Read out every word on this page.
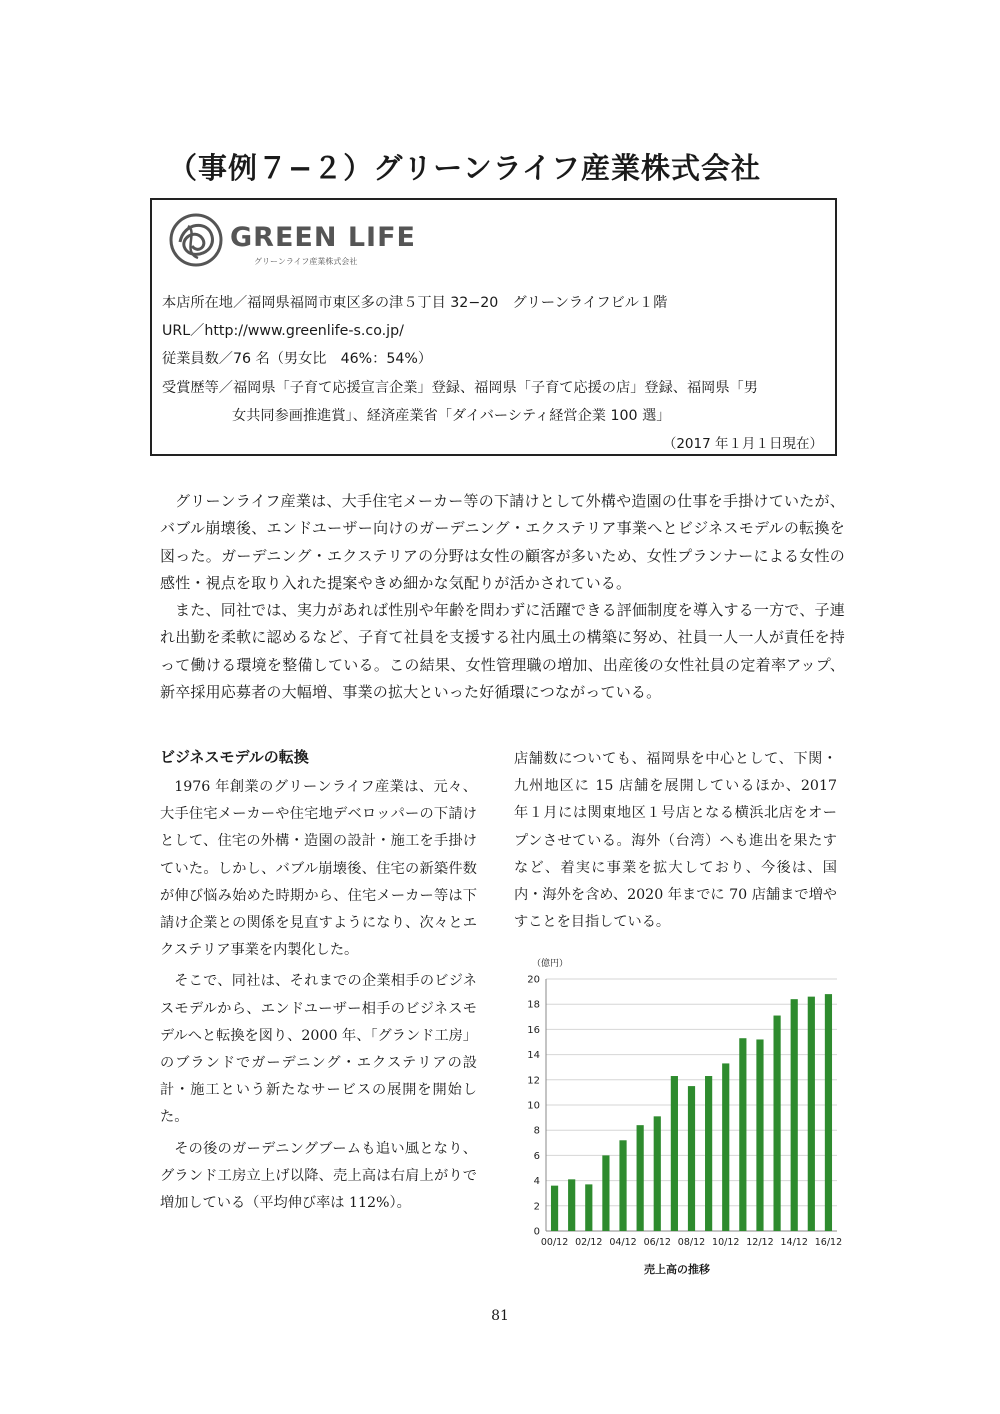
（事例７−２）グリーンライフ産業株式会社
GREEN LIFE
グリーンライフ産業株式会社
本店所在地／福岡県福岡市東区多の津５丁目 32−20　グリーンライフビル１階
URL／http://www.greenlife-s.co.jp/
従業員数／76 名（男女比　46%：54%）
受賞歴等／福岡県「子育て応援宣言企業」登録、福岡県「子育て応援の店」登録、福岡県「男
女共同参画推進賞」、経済産業省「ダイバーシティ経営企業 100 選」
（2017 年１月１日現在）

グリーンライフ産業は、大手住宅メーカー等の下請けとして外構や造園の仕事を手掛けていたが、バブル崩壊後、エンドユーザー向けのガーデニング・エクステリア事業へとビジネスモデルの転換を図った。ガーデニング・エクステリアの分野は女性の顧客が多いため、女性プランナーによる女性の感性・視点を取り入れた提案やきめ細かな気配りが活かされている。

また、同社では、実力があれば性別や年齢を問わずに活躍できる評価制度を導入する一方で、子連れ出勤を柔軟に認めるなど、子育て社員を支援する社内風土の構築に努め、社員一人一人が責任を持って働ける環境を整備している。この結果、女性管理職の増加、出産後の女性社員の定着率アップ、新卒採用応募者の大幅増、事業の拡大といった好循環につながっている。

ビジネスモデルの転換

1976 年創業のグリーンライフ産業は、元々、大手住宅メーカーや住宅地デベロッパーの下請けとして、住宅の外構・造園の設計・施工を手掛けていた。しかし、バブル崩壊後、住宅の新築件数が伸び悩み始めた時期から、住宅メーカー等は下請け企業との関係を見直すようになり、次々とエクステリア事業を内製化した。

そこで、同社は、それまでの企業相手のビジネスモデルから、エンドユーザー相手のビジネスモデルへと転換を図り、2000 年、「グランド工房」のブランドでガーデニング・エクステリアの設計・施工という新たなサービスの展開を開始した。

その後のガーデニングブームも追い風となり、グランド工房立上げ以降、売上高は右肩上がりで増加している（平均伸び率は 112%）。

店舗数についても、福岡県を中心として、下関・九州地区に 15 店舗を展開しているほか、2017 年１月には関東地区１号店となる横浜北店をオープンさせている。海外（台湾）へも進出を果たすなど、着実に事業を拡大しており、今後は、国内・海外を含め、2020 年までに 70 店舗まで増やすことを目指している。

（億円）
0
2
4
6
8
10
12
14
16
18
20
00/12 02/12 04/12 06/12 08/12 10/12 12/12 14/12 16/12
売上高の推移
81
